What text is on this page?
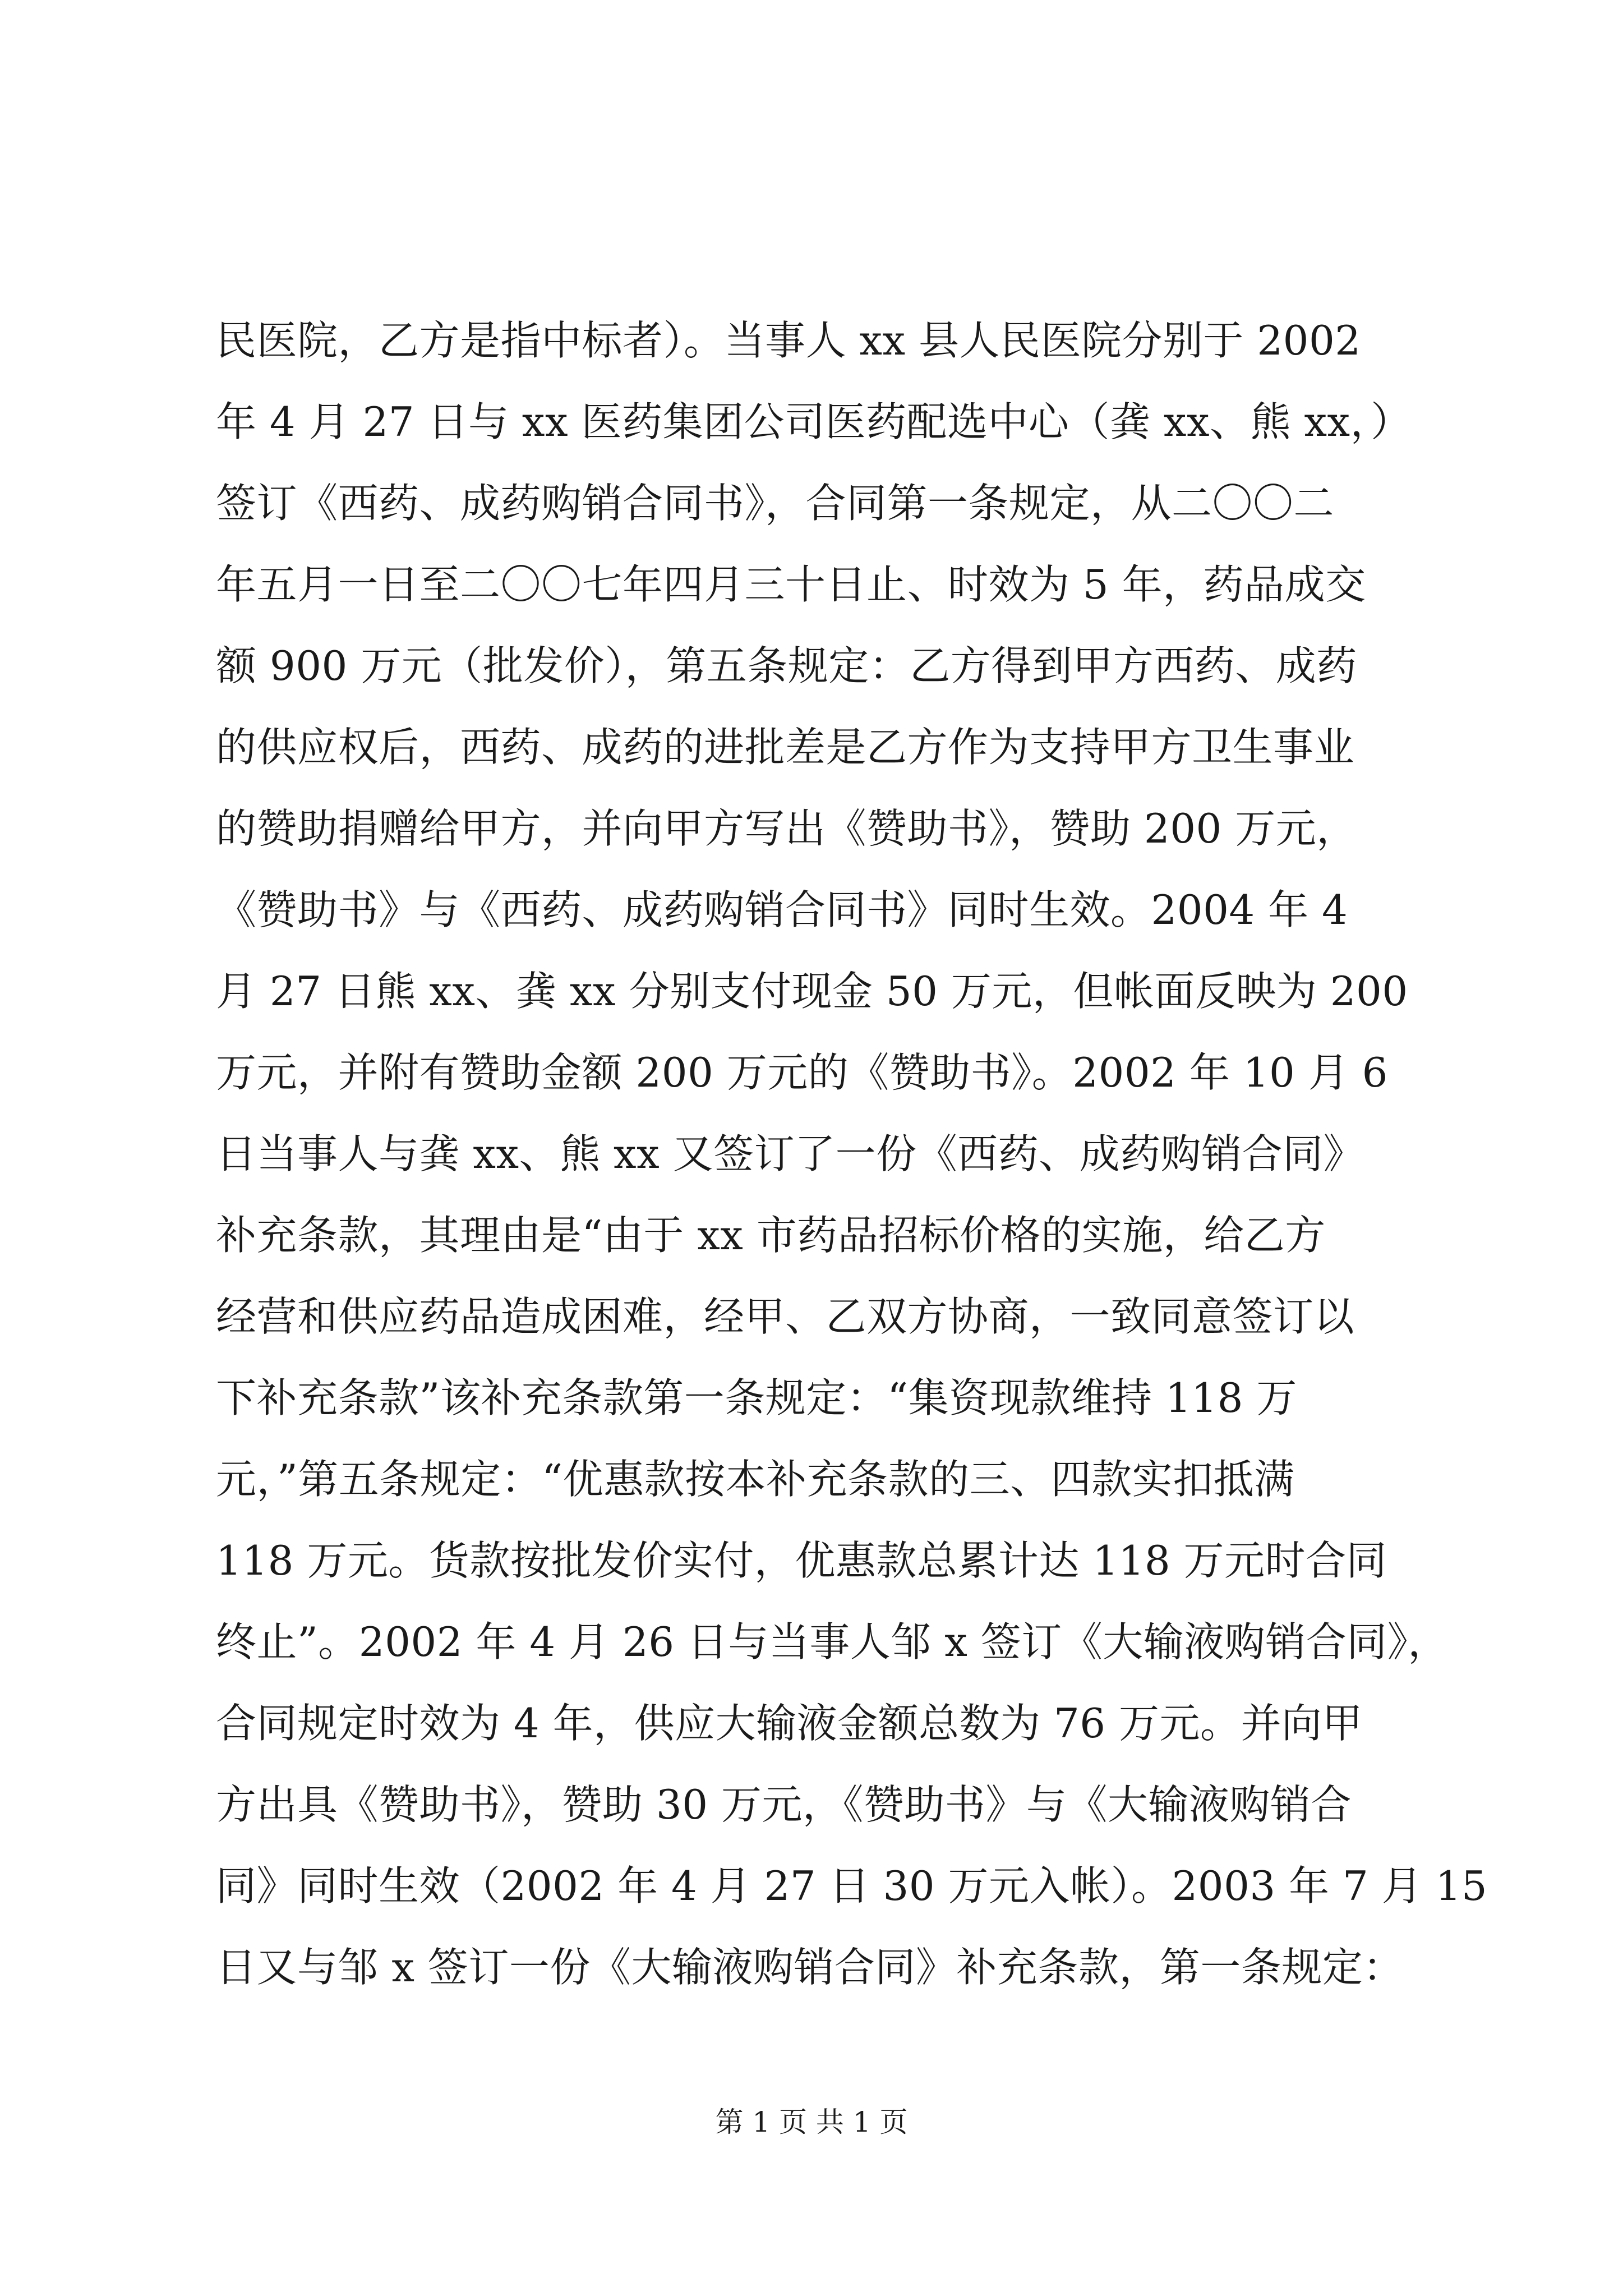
民医院，乙方是指中标者）。当事人 xx 县人民医院分别于 2002
年 4 月 27 日与 xx 医药集团公司医药配选中心（龚 xx、熊 xx，）
签订《西药、成药购销合同书》，合同第一条规定，从二〇〇二
年五月一日至二〇〇七年四月三十日止、时效为 5 年，药品成交
额 900 万元（批发价），第五条规定：乙方得到甲方西药、成药
的供应权后，西药、成药的进批差是乙方作为支持甲方卫生事业
的赞助捐赠给甲方，并向甲方写出《赞助书》，赞助 200 万元，
《赞助书》与《西药、成药购销合同书》同时生效。2004 年 4
月 27 日熊 xx、龚 xx 分别支付现金 50 万元，但帐面反映为 200
万元，并附有赞助金额 200 万元的《赞助书》。2002 年 10 月 6
日当事人与龚 xx、熊 xx 又签订了一份《西药、成药购销合同》
补充条款，其理由是“由于 xx 市药品招标价格的实施，给乙方
经营和供应药品造成困难，经甲、乙双方协商，一致同意签订以
下补充条款”该补充条款第一条规定：“集资现款维持 118 万
元，”第五条规定：“优惠款按本补充条款的三、四款实扣抵满
118 万元。货款按批发价实付，优惠款总累计达 118 万元时合同
终止”。2002 年 4 月 26 日与当事人邹 x 签订《大输液购销合同》，
合同规定时效为 4 年，供应大输液金额总数为 76 万元。并向甲
方出具《赞助书》，赞助 30 万元，《赞助书》与《大输液购销合
同》同时生效（2002 年 4 月 27 日 30 万元入帐）。2003 年 7 月 15
日又与邹 x 签订一份《大输液购销合同》补充条款，第一条规定：
第 1 页 共 1 页
